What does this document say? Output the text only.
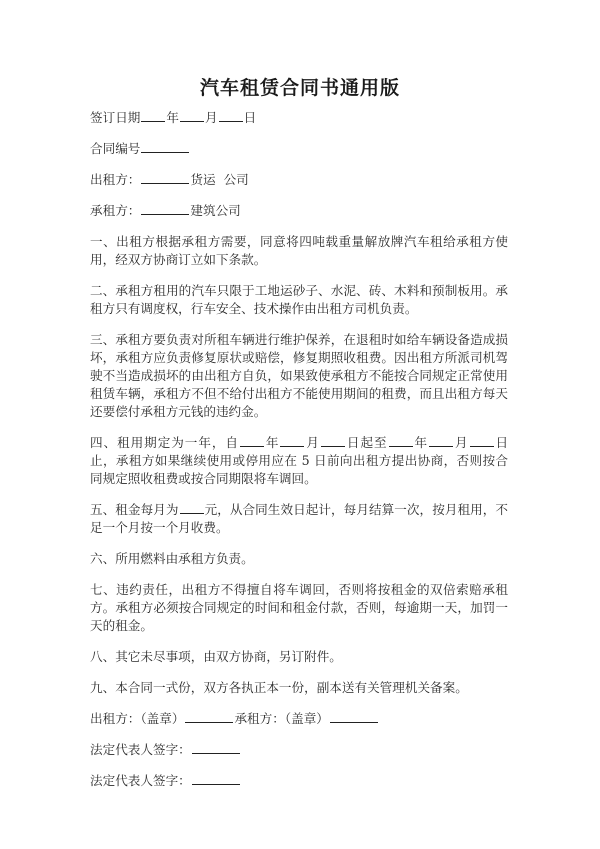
汽车租赁合同书通用版

签订日期 年 月 日

合同编号

出租方：	货运  公司

承租方：	建筑公司

一、出租方根据承租方需要，同意将四吨载重量解放牌汽车租给承租方使用，经双方协商订立如下条款。

二、承租方租用的汽车只限于工地运砂子、水泥、砖、木料和预制板用。承租方只有调度权，行车安全、技术操作由出租方司机负责。

三、承租方要负责对所租车辆进行维护保养，在退租时如给车辆设备造成损坏，承租方应负责修复原状或赔偿，修复期照收租费。因出租方所派司机驾驶不当造成损坏的由出租方自负，如果致使承租方不能按合同规定正常使用租赁车辆，承租方不但不给付出租方不能使用期间的租费，而且出租方每天还要偿付承租方元钱的违约金。

四、租用期定为一年，自 年 月 日起至 年 月 日止，承租方如果继续使用或停用应在 5 日前向出租方提出协商，否则按合同规定照收租费或按合同期限将车调回。

五、租金每月为 元，从合同生效日起计，每月结算一次，按月租用，不足一个月按一个月收费。

六、所用燃料由承租方负责。

七、违约责任，出租方不得擅自将车调回，否则将按租金的双倍索赔承租方。承租方必须按合同规定的时间和租金付款，否则，每逾期一天，加罚一天的租金。

八、其它未尽事项，由双方协商，另订附件。

九、本合同一式份，双方各执正本一份，副本送有关管理机关备案。

出租方：（盖章）	承租方：（盖章）

法定代表人签字：

法定代表人签字：
